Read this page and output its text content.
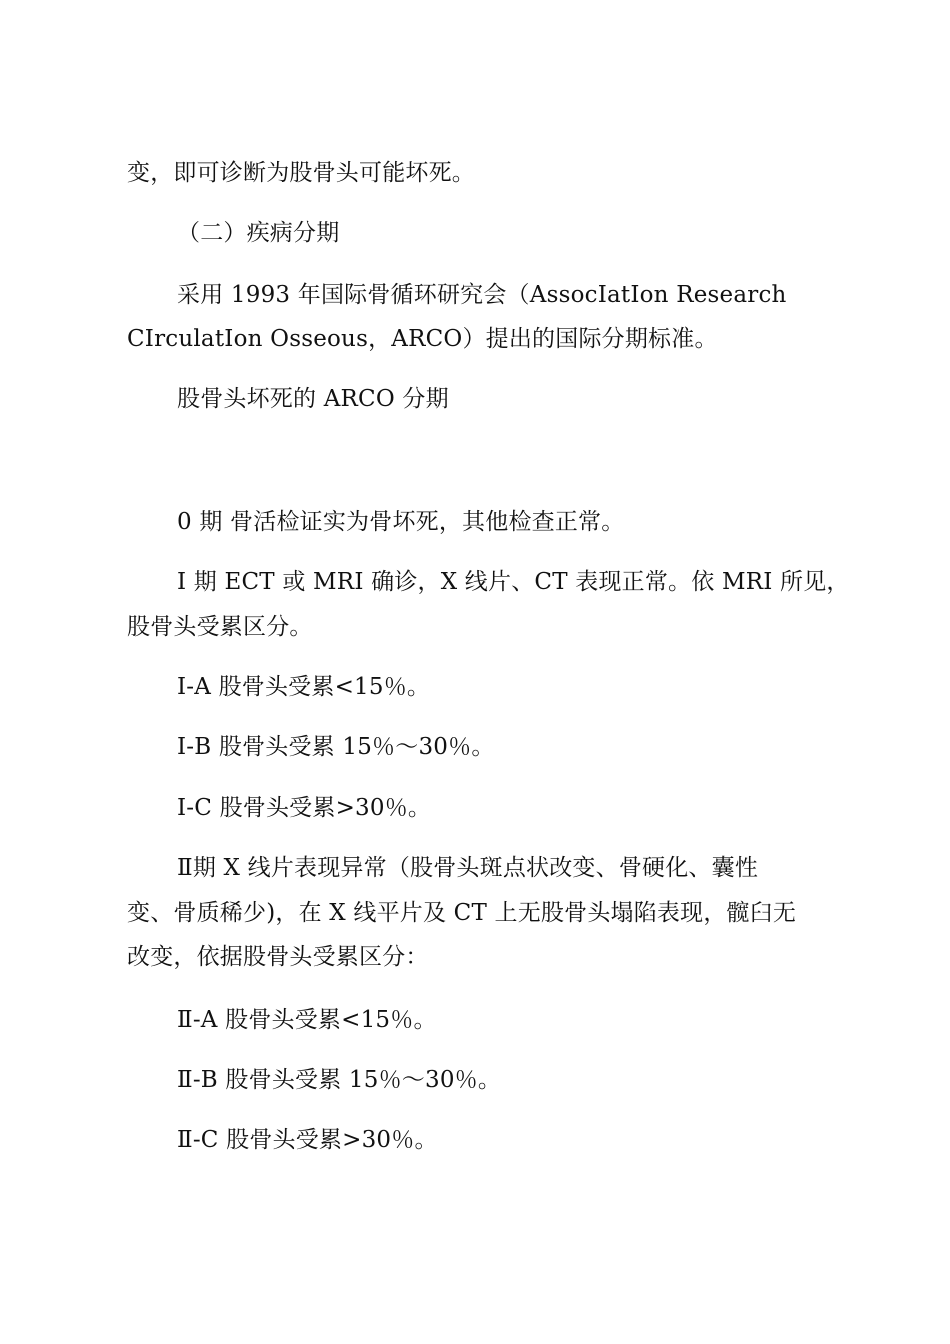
变，即可诊断为股骨头可能坏死。
（二）疾病分期
采用 1993 年国际骨循环研究会（AssocIatIon Research
CIrculatIon Osseous，ARCO）提出的国际分期标准。
股骨头坏死的 ARCO 分期
0 期 骨活检证实为骨坏死，其他检查正常。
I 期 ECT 或 MRI 确诊，X 线片、CT 表现正常。依 MRI 所见，
股骨头受累区分。
I-A 股骨头受累<15％。
I-B 股骨头受累 15％～30％。
I-C 股骨头受累>30％。
Ⅱ期 X 线片表现异常（股骨头斑点状改变、骨硬化、囊性
变、骨质稀少)，在 X 线平片及 CT 上无股骨头塌陷表现，髋臼无
改变，依据股骨头受累区分：
Ⅱ-A 股骨头受累<15％。
Ⅱ-B 股骨头受累 15％～30％。
Ⅱ-C 股骨头受累>30％。
